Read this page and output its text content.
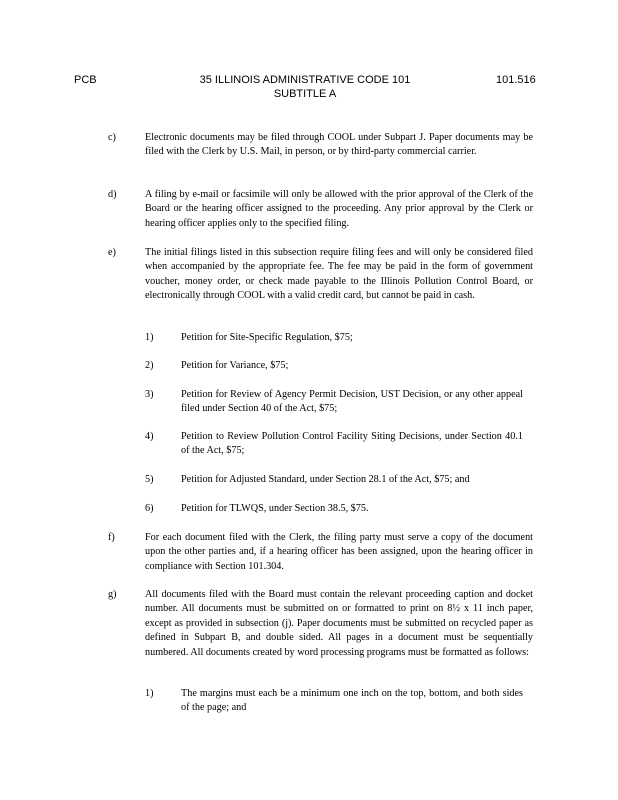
PCB	35 ILLINOIS ADMINISTRATIVE CODE 101
SUBTITLE A
101.516
c)	Electronic documents may be filed through COOL under Subpart J. Paper documents may be filed with the Clerk by U.S. Mail, in person, or by third-party commercial carrier.
d)	A filing by e-mail or facsimile will only be allowed with the prior approval of the Clerk of the Board or the hearing officer assigned to the proceeding. Any prior approval by the Clerk or hearing officer applies only to the specified filing.
e)	The initial filings listed in this subsection require filing fees and will only be considered filed when accompanied by the appropriate fee. The fee may be paid in the form of government voucher, money order, or check made payable to the Illinois Pollution Control Board, or electronically through COOL with a valid credit card, but cannot be paid in cash.
1)	Petition for Site-Specific Regulation, $75;
2)	Petition for Variance, $75;
3)	Petition for Review of Agency Permit Decision, UST Decision, or any other appeal filed under Section 40 of the Act, $75;
4)	Petition to Review Pollution Control Facility Siting Decisions, under Section 40.1 of the Act, $75;
5)	Petition for Adjusted Standard, under Section 28.1 of the Act, $75; and
6)	Petition for TLWQS, under Section 38.5, $75.
f)	For each document filed with the Clerk, the filing party must serve a copy of the document upon the other parties and, if a hearing officer has been assigned, upon the hearing officer in compliance with Section 101.304.
g)	All documents filed with the Board must contain the relevant proceeding caption and docket number. All documents must be submitted on or formatted to print on 8½ x 11 inch paper, except as provided in subsection (j). Paper documents must be submitted on recycled paper as defined in Subpart B, and double sided. All pages in a document must be sequentially numbered. All documents created by word processing programs must be formatted as follows:
1)	The margins must each be a minimum one inch on the top, bottom, and both sides of the page; and
